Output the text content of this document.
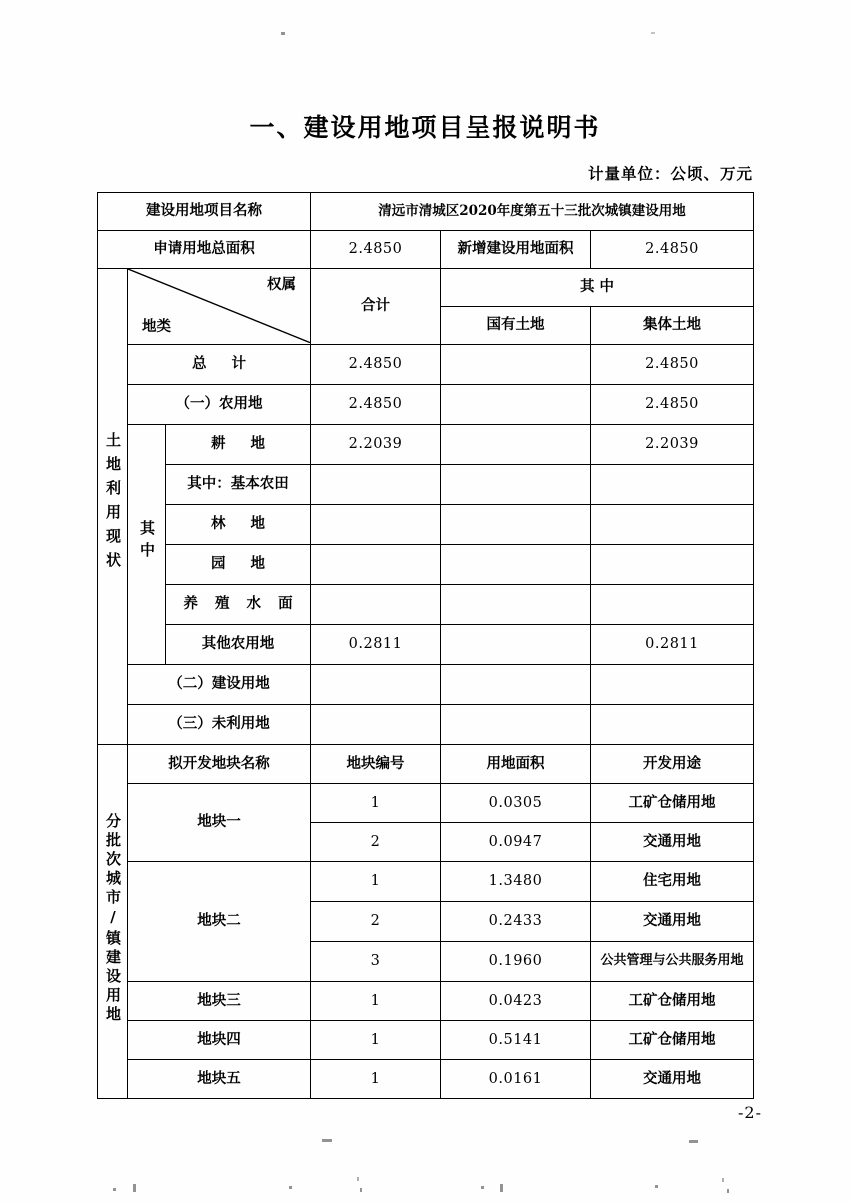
一、建设用地项目呈报说明书
计量单位：公顷、万元
建设用地项目名称			清远市清城区2020年度第五十三批次城镇建设用地		
申请用地总面积			2.4850	新增建设用地面积	2.4850
土地利用现状	权属
地类		合计	其 中	
				国有土地	集体土地
	总 计		2.4850		2.4850
	（一）农用地		2.4850		2.4850
	其中	耕 地	2.2039		2.2039
		其中：基本农田			
		林 地			
		园 地			
		养 殖 水 面			
		其他农用地	0.2811		0.2811
	（二）建设用地				
	（三）未利用地				
分批次城市/镇建设用地	拟开发地块名称		地块编号	用地面积	开发用途
	地块一		1	0.0305	工矿仓储用地
			2	0.0947	交通用地
	地块二		1	1.3480	住宅用地
			2	0.2433	交通用地
			3	0.1960	公共管理与公共服务用地
	地块三		1	0.0423	工矿仓储用地
	地块四		1	0.5141	工矿仓储用地
	地块五		1	0.0161	交通用地
-2-
